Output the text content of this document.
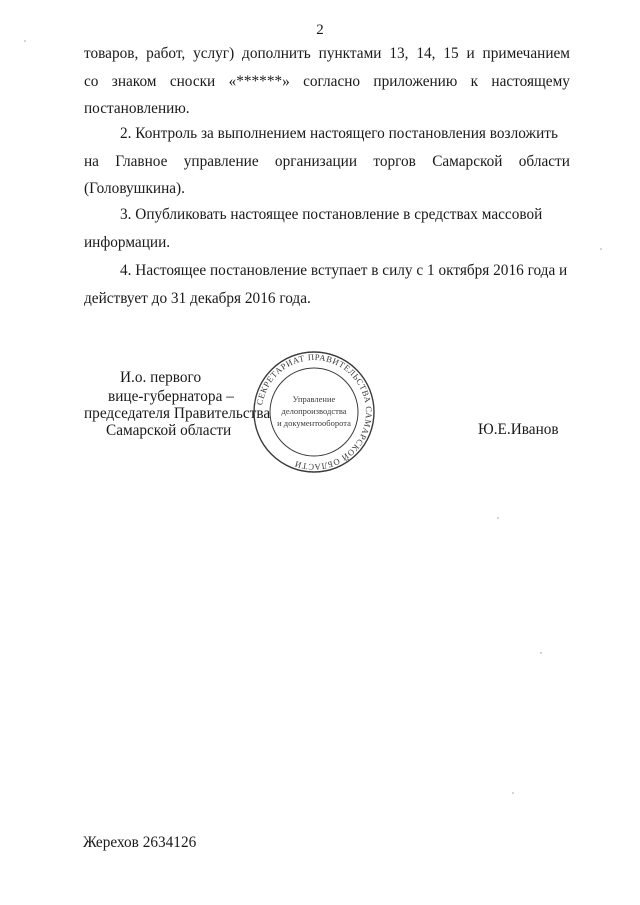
2
товаров, работ, услуг) дополнить пунктами 13, 14, 15 и примечанием
со знаком сноски «******» согласно приложению к настоящему
постановлению.
2. Контроль за выполнением настоящего постановления возложить
на Главное управление организации торгов Самарской области
(Головушкина).
3. Опубликовать настоящее постановление в средствах массовой
информации.
4. Настоящее постановление вступает в силу с 1 октября 2016 года и
действует до 31 декабря 2016 года.
И.о. первого
вице-губернатора –
председателя Правительства
Самарской области	Ю.Е.Иванов
СЕКРЕТАРИАТ ПРАВИТЕЛЬСТВА САМАРСКОЙ ОБЛАСТИ
Управление
делопроизводства
и документооборота
Жерехов 2634126
